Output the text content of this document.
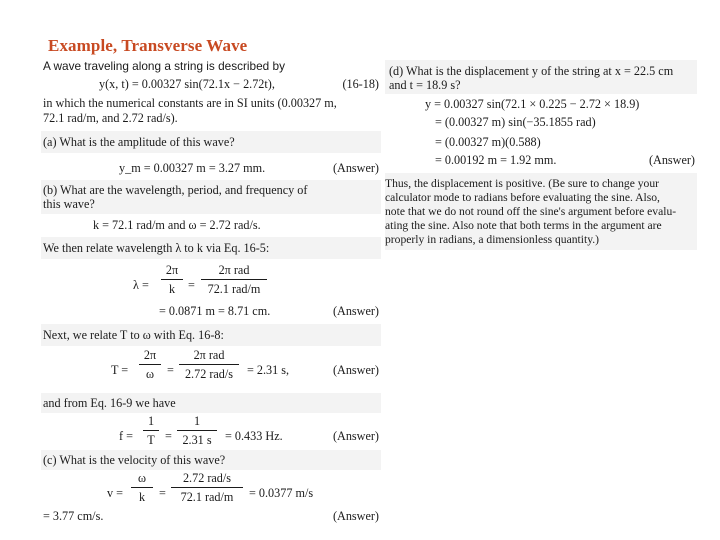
Example, Transverse Wave
A wave traveling along a string is described by
y(x, t) = 0.00327 sin(72.1x − 2.72t),	(16-18)
in which the numerical constants are in SI units (0.00327 m,
72.1 rad/m, and 2.72 rad/s).
(a) What is the amplitude of this wave?
y_m = 0.00327 m = 3.27 mm.	(Answer)
(b) What are the wavelength, period, and frequency of
this wave?
k = 72.1 rad/m and ω = 2.72 rad/s.
We then relate wavelength λ to k via Eq. 16-5:
λ =
2π
k	=
2π rad
72.1 rad/m
= 0.0871 m = 8.71 cm.	(Answer)
Next, we relate T to ω with Eq. 16-8:
T =
2π
ω	=
2π rad
2.72 rad/s	= 2.31 s,	(Answer)
and from Eq. 16-9 we have
f =
1
T =
1
2.31 s	= 0.433 Hz.	(Answer)
(c) What is the velocity of this wave?
v =
ω
k	=
2.72 rad/s
72.1 rad/m	= 0.0377 m/s
= 3.77 cm/s.	(Answer)
(d) What is the displacement y of the string at x = 22.5 cm
and t = 18.9 s?
y = 0.00327 sin(72.1 × 0.225 − 2.72 × 18.9)
= (0.00327 m) sin(−35.1855 rad)
= (0.00327 m)(0.588)
= 0.00192 m = 1.92 mm.	(Answer)
Thus, the displacement is positive. (Be sure to change your
calculator mode to radians before evaluating the sine. Also,
note that we do not round off the sine's argument before evalu-
ating the sine. Also note that both terms in the argument are
properly in radians, a dimensionless quantity.)
